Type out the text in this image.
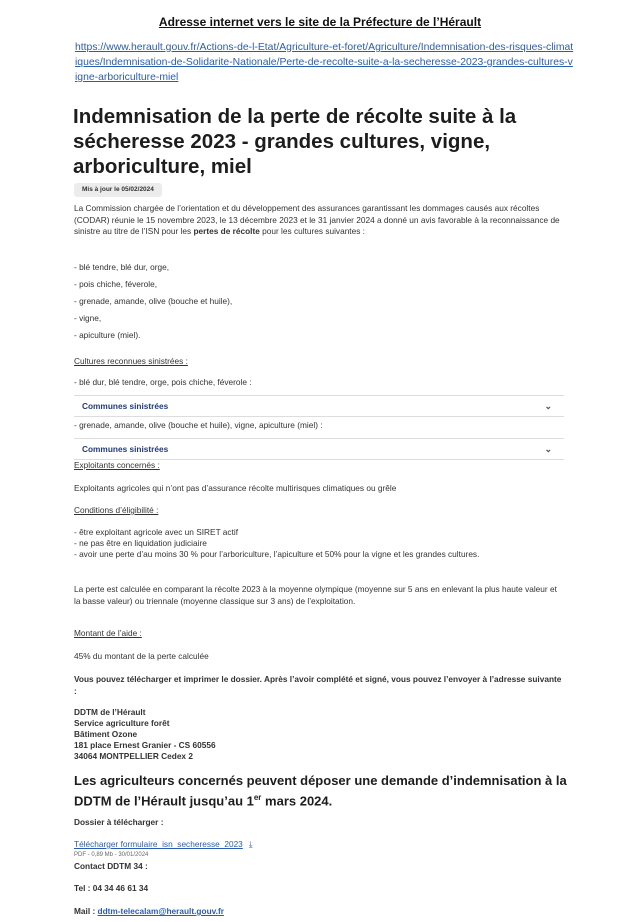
Adresse internet vers le site de la Préfecture de l’Hérault
https://www.herault.gouv.fr/Actions-de-l-Etat/Agriculture-et-foret/Agriculture/Indemnisation-des-risques-climatiques/Indemnisation-de-Solidarite-Nationale/Perte-de-recolte-suite-a-la-secheresse-2023-grandes-cultures-vigne-arboriculture-miel
Indemnisation de la perte de récolte suite à la sécheresse 2023 - grandes cultures, vigne, arboriculture, miel
Mis à jour le 05/02/2024
La Commission chargée de l’orientation et du développement des assurances garantissant les dommages causés aux récoltes (CODAR) réunie le 15 novembre 2023, le 13 décembre 2023 et le 31 janvier 2024 a donné un avis favorable à la reconnaissance de sinistre au titre de l’ISN pour les pertes de récolte pour les cultures suivantes :
- blé tendre, blé dur, orge,
- pois chiche, féverole,
- grenade, amande, olive (bouche et huile),
- vigne,
- apiculture (miel).
Cultures reconnues sinistrées :
- blé dur, blé tendre, orge, pois chiche, féverole :
Communes sinistrées	⌄
- grenade, amande, olive (bouche et huile), vigne, apiculture (miel) :
Communes sinistrées	⌄
Exploitants concernés :
Exploitants agricoles qui n’ont pas d’assurance récolte multirisques climatiques ou grêle
Conditions d’éligibilité :
- être exploitant agricole avec un SIRET actif
- ne pas être en liquidation judiciaire
- avoir une perte d’au moins 30 % pour l’arboriculture, l’apiculture et 50% pour la vigne et les grandes cultures.
La perte est calculée en comparant la récolte 2023 à la moyenne olympique (moyenne sur 5 ans en enlevant la plus haute valeur et la basse valeur) ou triennale (moyenne classique sur 3 ans) de l’exploitation.
Montant de l’aide :
45% du montant de la perte calculée
Vous pouvez télécharger et imprimer le dossier. Après l’avoir complété et signé, vous pouvez l’envoyer à l’adresse suivante :
DDTM de l’Hérault
Service agriculture forêt
Bâtiment Ozone
181 place Ernest Granier - CS 60556
34064 MONTPELLIER Cedex 2
Les agriculteurs concernés peuvent déposer une demande d’indemnisation à la DDTM de l’Hérault jusqu’au 1er mars 2024.
Dossier à télécharger :
Télécharger formulaire_isn_secheresse_2023 ⤓
PDF - 0,89 Mb - 30/01/2024
Contact DDTM 34 :
Tel : 04 34 46 61 34
Mail : ddtm-telecalam@herault.gouv.fr
